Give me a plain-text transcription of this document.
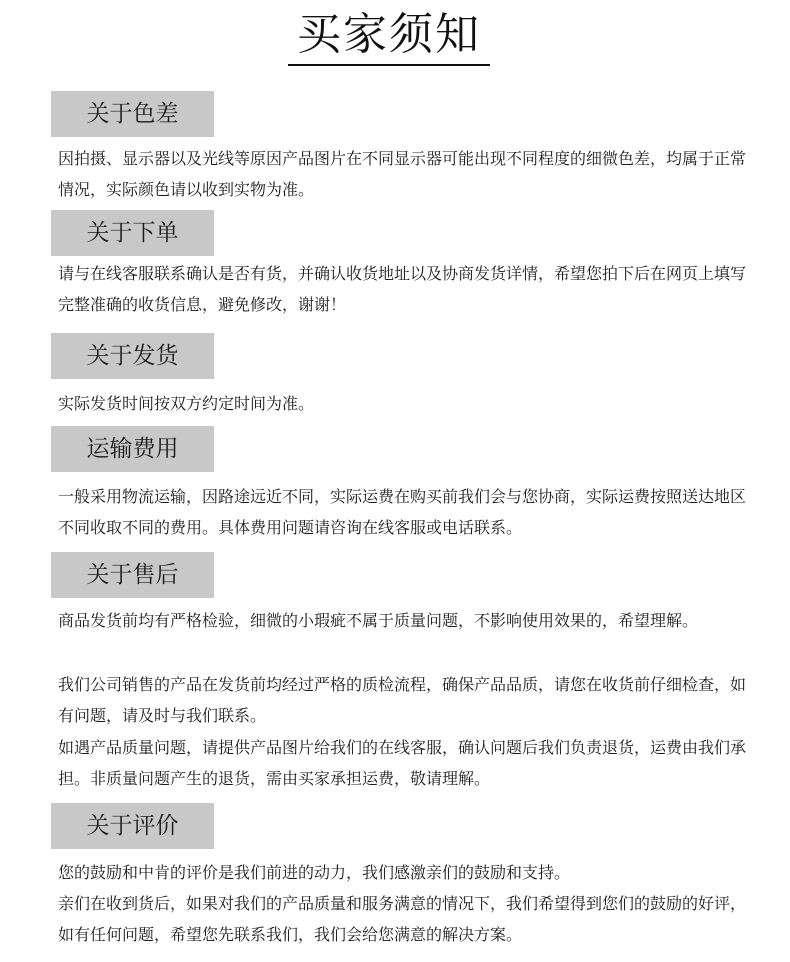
买家须知
关于色差

因拍摄、显示器以及光线等原因产品图片在不同显示器可能出现不同程度的细微色差，均属于正常情况，实际颜色请以收到实物为准。

关于下单

请与在线客服联系确认是否有货，并确认收货地址以及协商发货详情，希望您拍下后在网页上填写完整准确的收货信息，避免修改，谢谢！

关于发货

实际发货时间按双方约定时间为准。

运输费用

一般采用物流运输，因路途远近不同，实际运费在购买前我们会与您协商，实际运费按照送达地区不同收取不同的费用。具体费用问题请咨询在线客服或电话联系。

关于售后

商品发货前均有严格检验，细微的小瑕疵不属于质量问题，不影响使用效果的，希望理解。

我们公司销售的产品在发货前均经过严格的质检流程，确保产品品质，请您在收货前仔细检查，如有问题，请及时与我们联系。

如遇产品质量问题，请提供产品图片给我们的在线客服，确认问题后我们负责退货，运费由我们承担。非质量问题产生的退货，需由买家承担运费，敬请理解。

关于评价

您的鼓励和中肯的评价是我们前进的动力，我们感激亲们的鼓励和支持。

亲们在收到货后，如果对我们的产品质量和服务满意的情况下，我们希望得到您们的鼓励的好评，如有任何问题，希望您先联系我们，我们会给您满意的解决方案。
